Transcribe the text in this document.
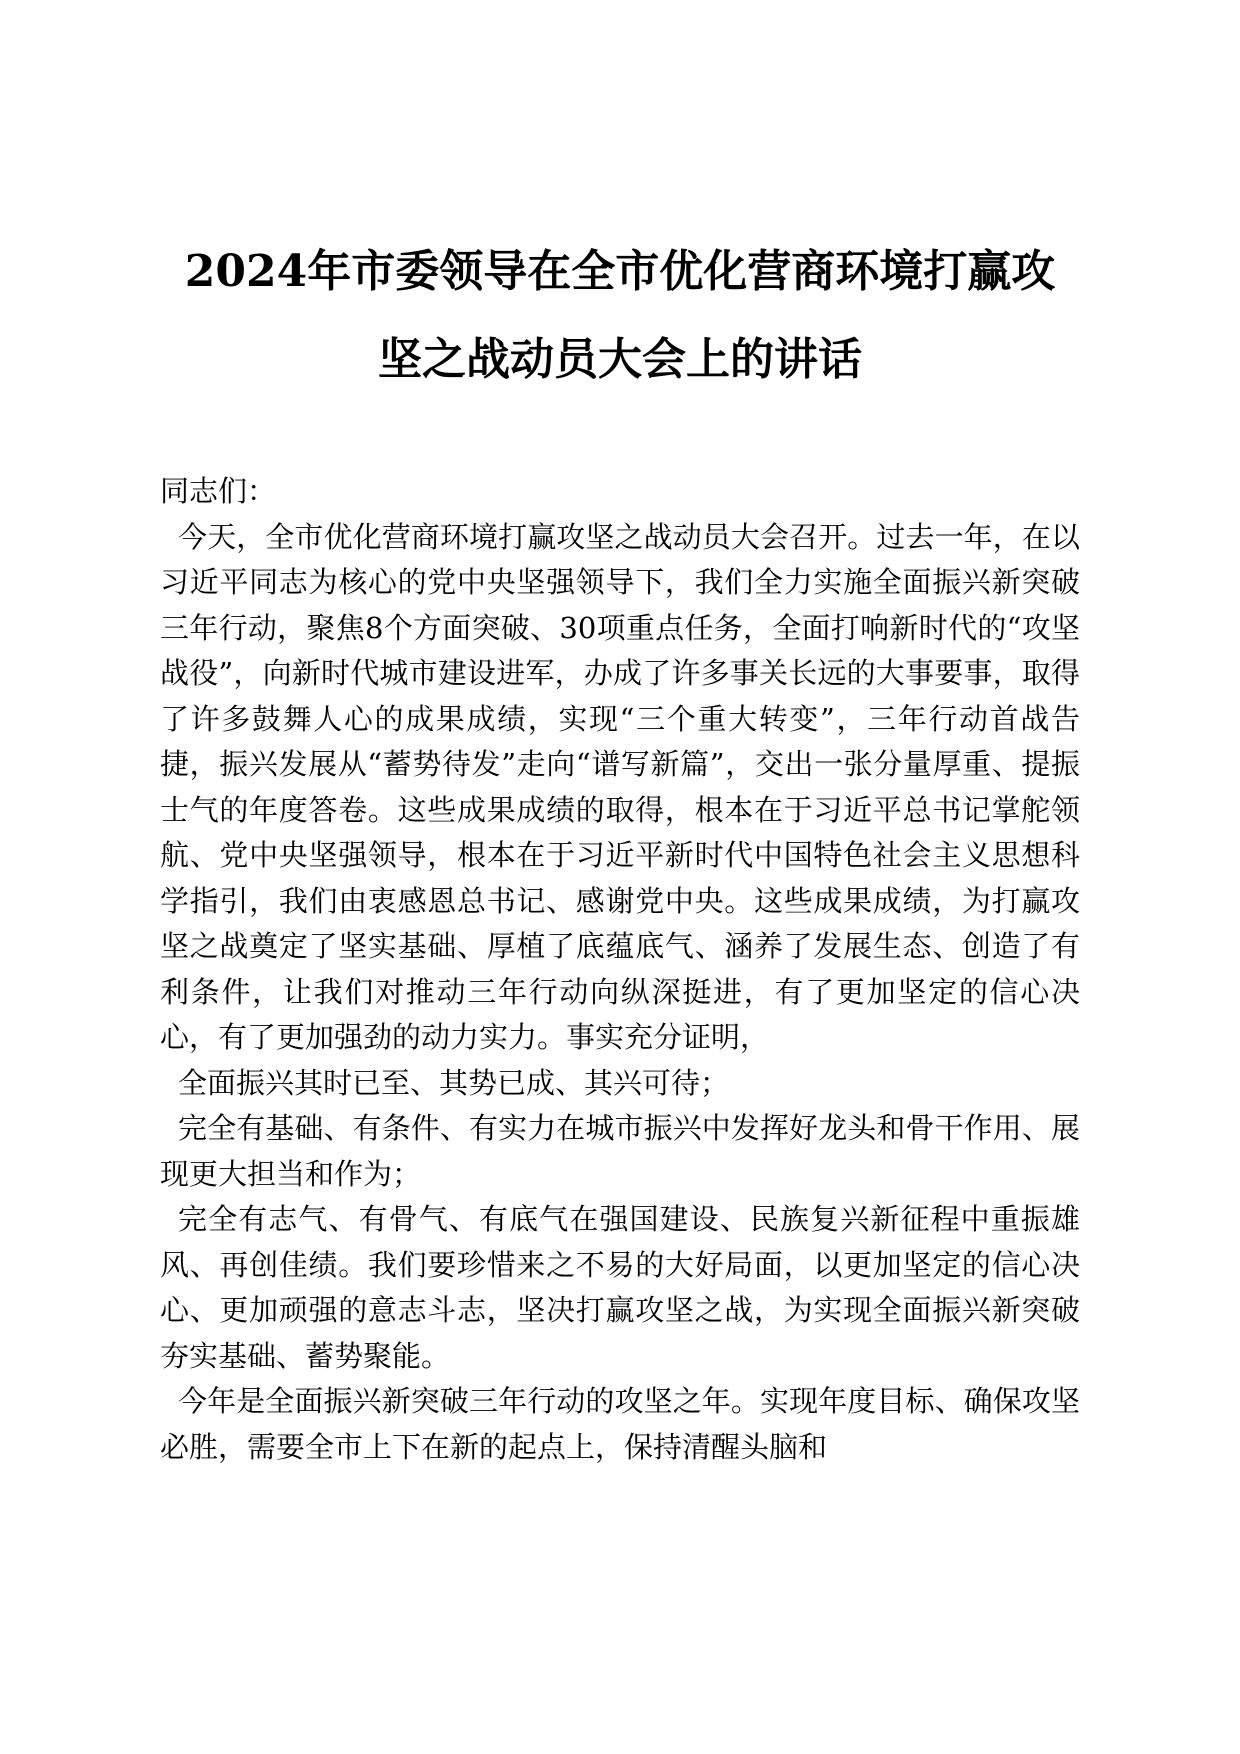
2024年市委领导在全市优化营商环境打赢攻
坚之战动员大会上的讲话

同志们：

今天，全市优化营商环境打赢攻坚之战动员大会召开。过去一年，在以习近平同志为核心的党中央坚强领导下，我们全力实施全面振兴新突破三年行动，聚焦8个方面突破、30项重点任务，全面打响新时代的“攻坚战役”，向新时代城市建设进军，办成了许多事关长远的大事要事，取得了许多鼓舞人心的成果成绩，实现“三个重大转变”，三年行动首战告捷，振兴发展从“蓄势待发”走向“谱写新篇”，交出一张分量厚重、提振士气的年度答卷。这些成果成绩的取得，根本在于习近平总书记掌舵领航、党中央坚强领导，根本在于习近平新时代中国特色社会主义思想科学指引，我们由衷感恩总书记、感谢党中央。这些成果成绩，为打赢攻坚之战奠定了坚实基础、厚植了底蕴底气、涵养了发展生态、创造了有利条件，让我们对推动三年行动向纵深挺进，有了更加坚定的信心决心，有了更加强劲的动力实力。事实充分证明，

全面振兴其时已至、其势已成、其兴可待；

完全有基础、有条件、有实力在城市振兴中发挥好龙头和骨干作用、展现更大担当和作为；

完全有志气、有骨气、有底气在强国建设、民族复兴新征程中重振雄风、再创佳绩。我们要珍惜来之不易的大好局面，以更加坚定的信心决心、更加顽强的意志斗志，坚决打赢攻坚之战，为实现全面振兴新突破夯实基础、蓄势聚能。

今年是全面振兴新突破三年行动的攻坚之年。实现年度目标、确保攻坚必胜，需要全市上下在新的起点上，保持清醒头脑和
